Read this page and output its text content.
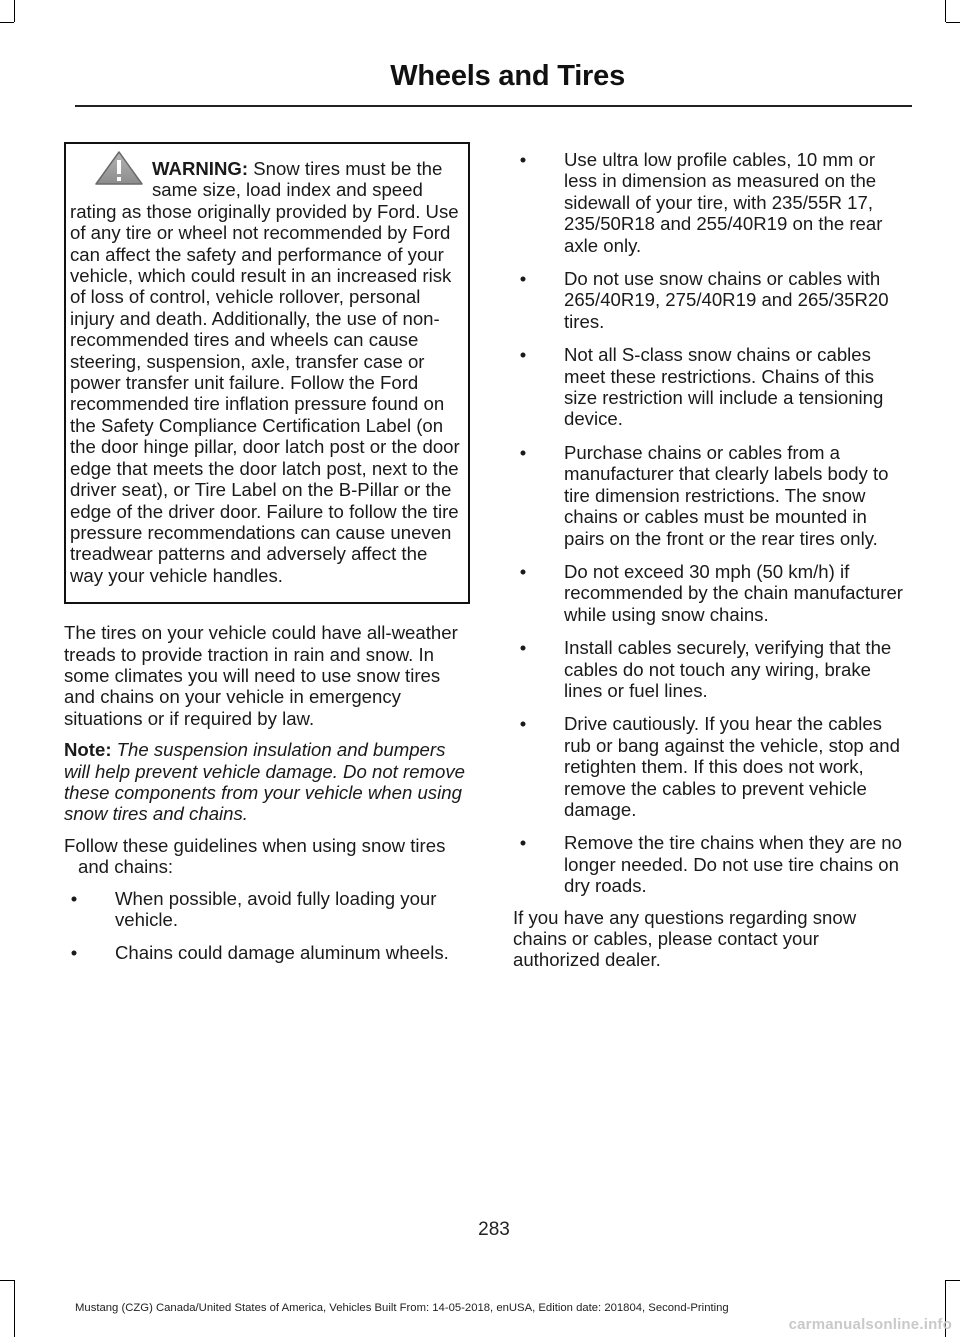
Wheels and Tires

WARNING: Snow tires must be the same size, load index and speed rating as those originally provided by Ford. Use of any tire or wheel not recommended by Ford can affect the safety and performance of your vehicle, which could result in an increased risk of loss of control, vehicle rollover, personal injury and death. Additionally, the use of non-recommended tires and wheels can cause steering, suspension, axle, transfer case or power transfer unit failure. Follow the Ford recommended tire inflation pressure found on the Safety Compliance Certification Label (on the door hinge pillar, door latch post or the door edge that meets the door latch post, next to the driver seat), or Tire Label on the B-Pillar or the edge of the driver door. Failure to follow the tire pressure recommendations can cause uneven treadwear patterns and adversely affect the way your vehicle handles.

The tires on your vehicle could have all-weather treads to provide traction in rain and snow. In some climates you will need to use snow tires and chains on your vehicle in emergency situations or if required by law.

Note: The suspension insulation and bumpers will help prevent vehicle damage. Do not remove these components from your vehicle when using snow tires and chains.

Follow these guidelines when using snow tires and chains:

•	When possible, avoid fully loading your vehicle.
•	Chains could damage aluminum wheels.
•	Use ultra low profile cables, 10 mm or less in dimension as measured on the sidewall of your tire, with 235/55R 17, 235/50R18 and 255/40R19 on the rear axle only.
•	Do not use snow chains or cables with 265/40R19, 275/40R19 and 265/35R20 tires.
•	Not all S-class snow chains or cables meet these restrictions. Chains of this size restriction will include a tensioning device.
•	Purchase chains or cables from a manufacturer that clearly labels body to tire dimension restrictions. The snow chains or cables must be mounted in pairs on the front or the rear tires only.
•	Do not exceed 30 mph (50 km/h) if recommended by the chain manufacturer while using snow chains.
•	Install cables securely, verifying that the cables do not touch any wiring, brake lines or fuel lines.
•	Drive cautiously. If you hear the cables rub or bang against the vehicle, stop and retighten them. If this does not work, remove the cables to prevent vehicle damage.
•	Remove the tire chains when they are no longer needed. Do not use tire chains on dry roads.

If you have any questions regarding snow chains or cables, please contact your authorized dealer.

283
Mustang (CZG) Canada/United States of America, Vehicles Built From: 14-05-2018, enUSA, Edition date: 201804, Second-Printing
carmanualsonline.info
